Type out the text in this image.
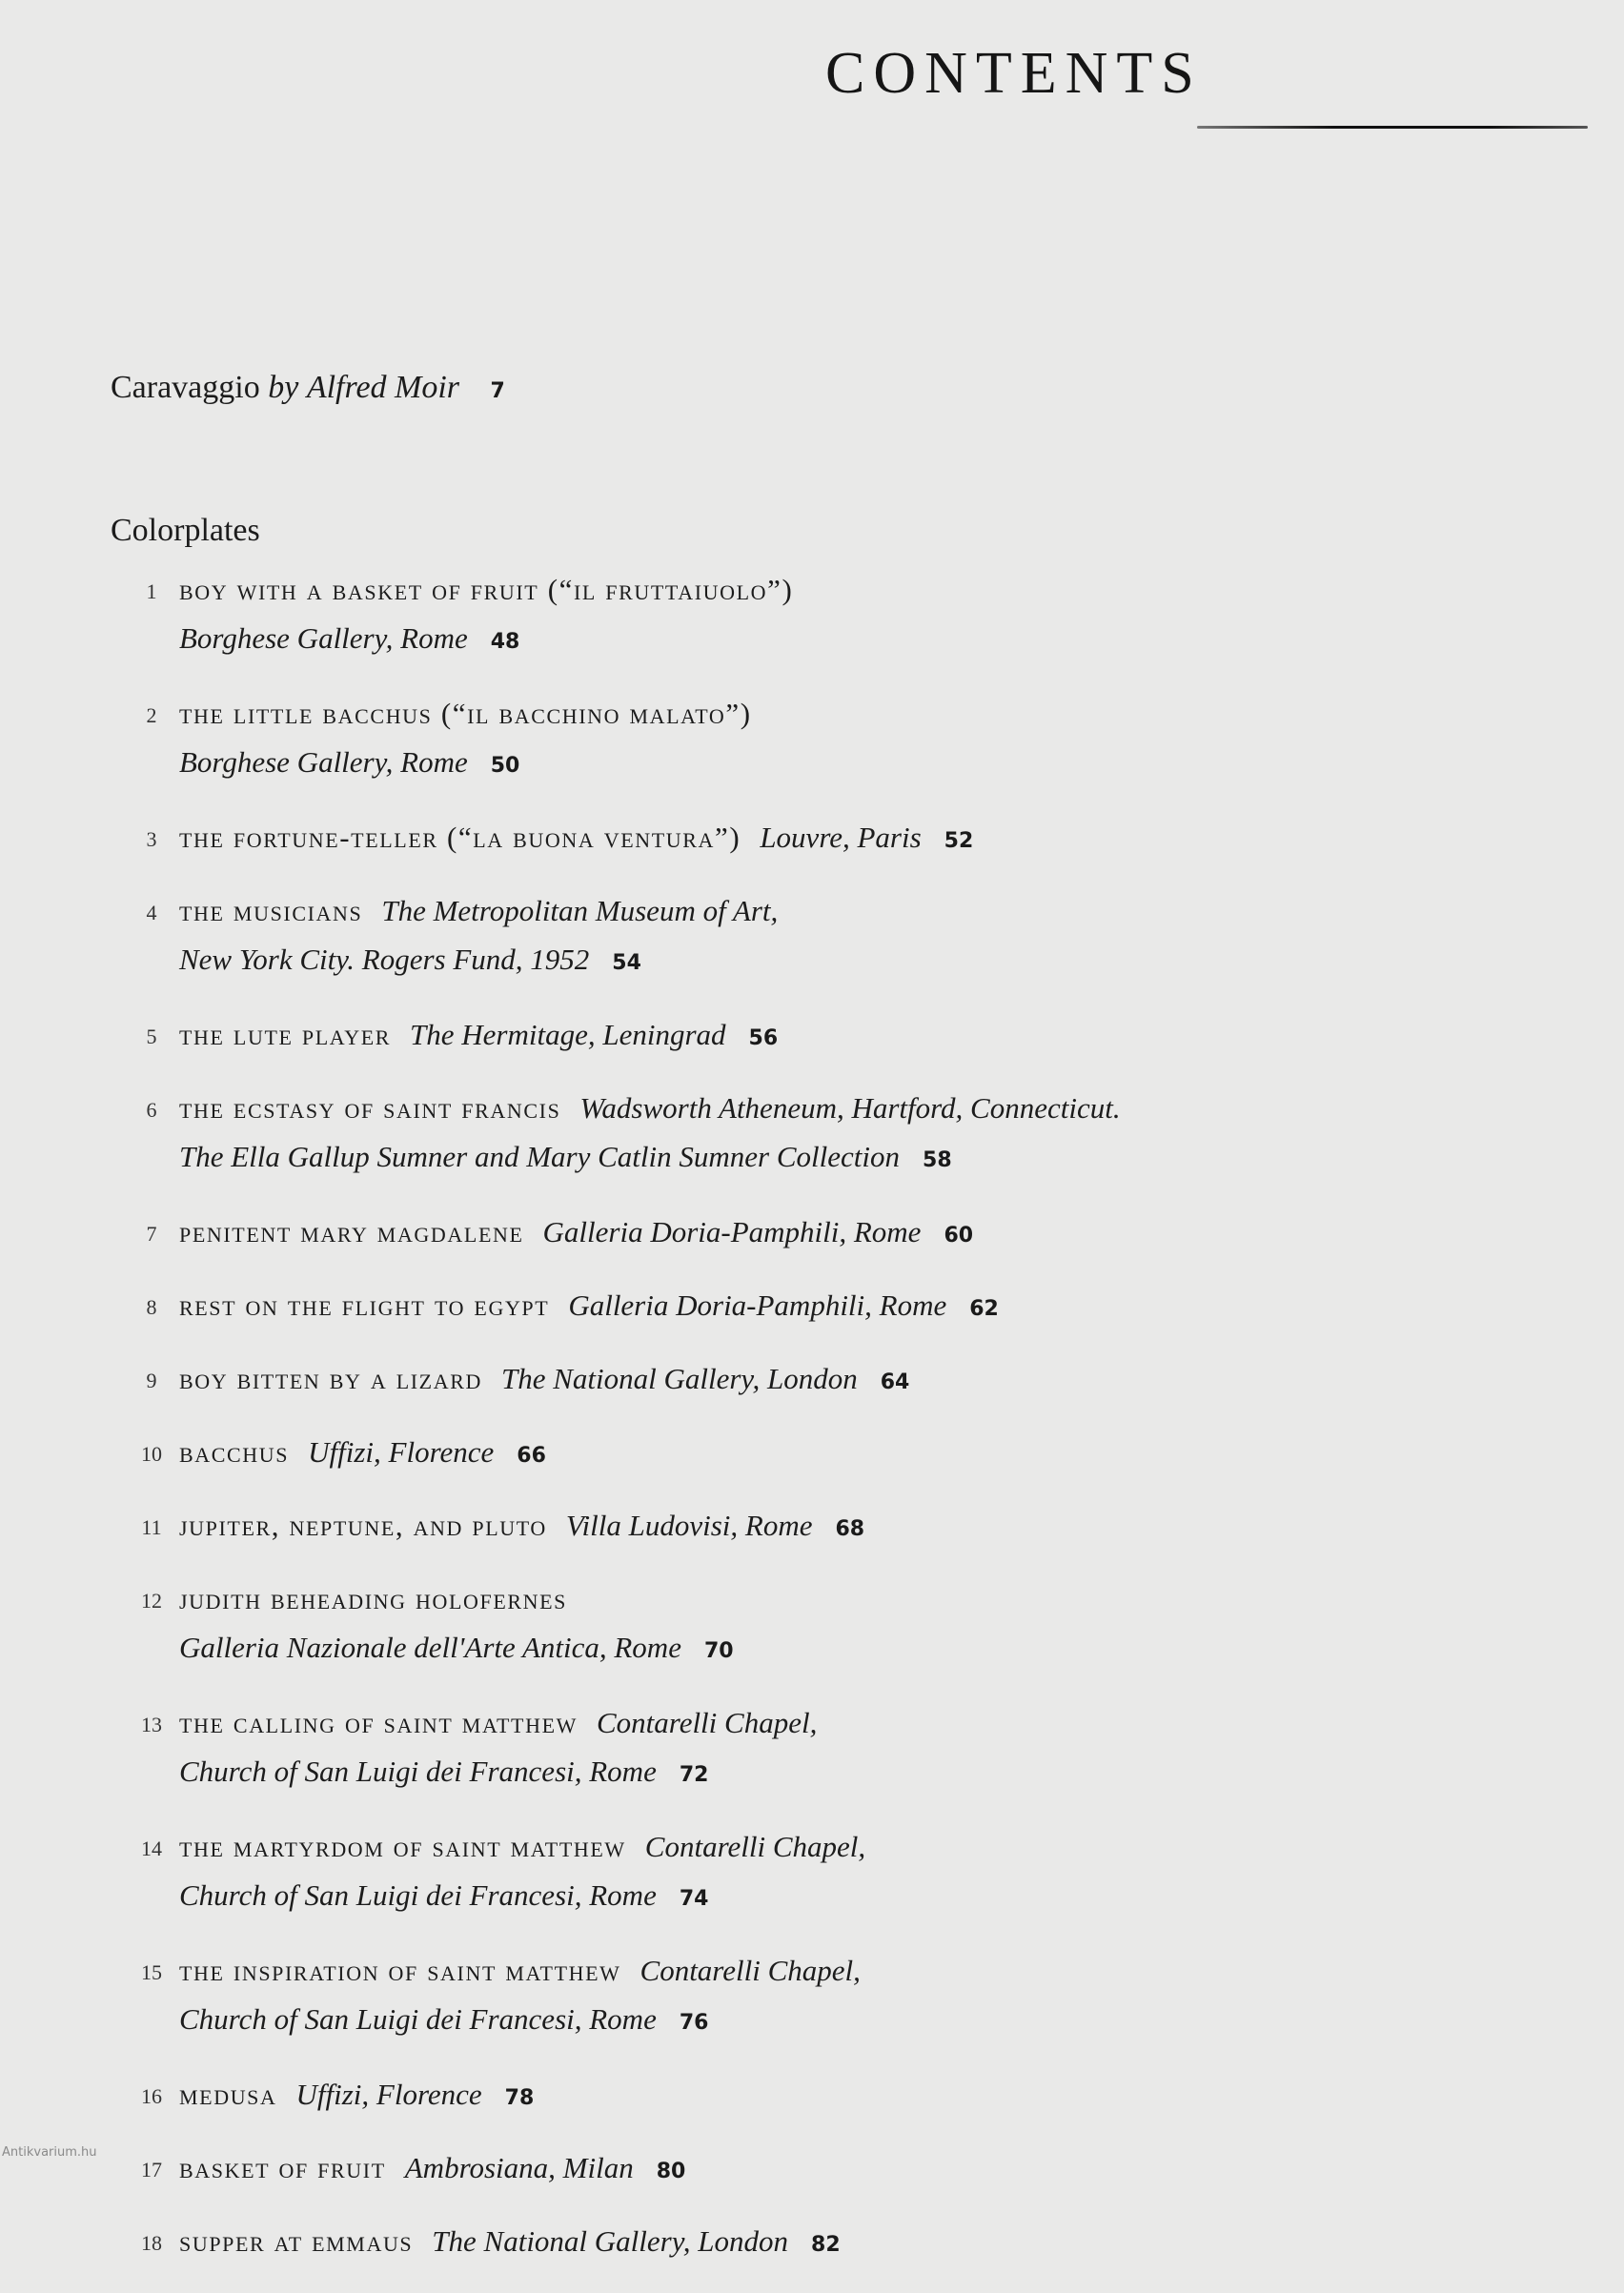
CONTENTS
Caravaggio by Alfred Moir 7
Colorplates
1 boy with a basket of fruit (“il fruttaiuolo”)
Borghese Gallery, Rome 48
2 the little bacchus (“il bacchino malato”)
Borghese Gallery, Rome 50
3 the fortune-teller (“la buona ventura”) Louvre, Paris 52
4 the musicians The Metropolitan Museum of Art,
New York City. Rogers Fund, 1952 54
5 the lute player The Hermitage, Leningrad 56
6 the ecstasy of saint francis Wadsworth Atheneum, Hartford, Connecticut.
The Ella Gallup Sumner and Mary Catlin Sumner Collection 58
7 penitent mary magdalene Galleria Doria-Pamphili, Rome 60
8 rest on the flight to egypt Galleria Doria-Pamphili, Rome 62
9 boy bitten by a lizard The National Gallery, London 64
10 bacchus Uffizi, Florence 66
11 jupiter, neptune, and pluto Villa Ludovisi, Rome 68
12 judith beheading holofernes
Galleria Nazionale dell'Arte Antica, Rome 70
13 the calling of saint matthew Contarelli Chapel,
Church of San Luigi dei Francesi, Rome 72
14 the martyrdom of saint matthew Contarelli Chapel,
Church of San Luigi dei Francesi, Rome 74
15 the inspiration of saint matthew Contarelli Chapel,
Church of San Luigi dei Francesi, Rome 76
16 medusa Uffizi, Florence 78
17 basket of fruit Ambrosiana, Milan 80
18 supper at emmaus The National Gallery, London 82
Antikvarium.hu
